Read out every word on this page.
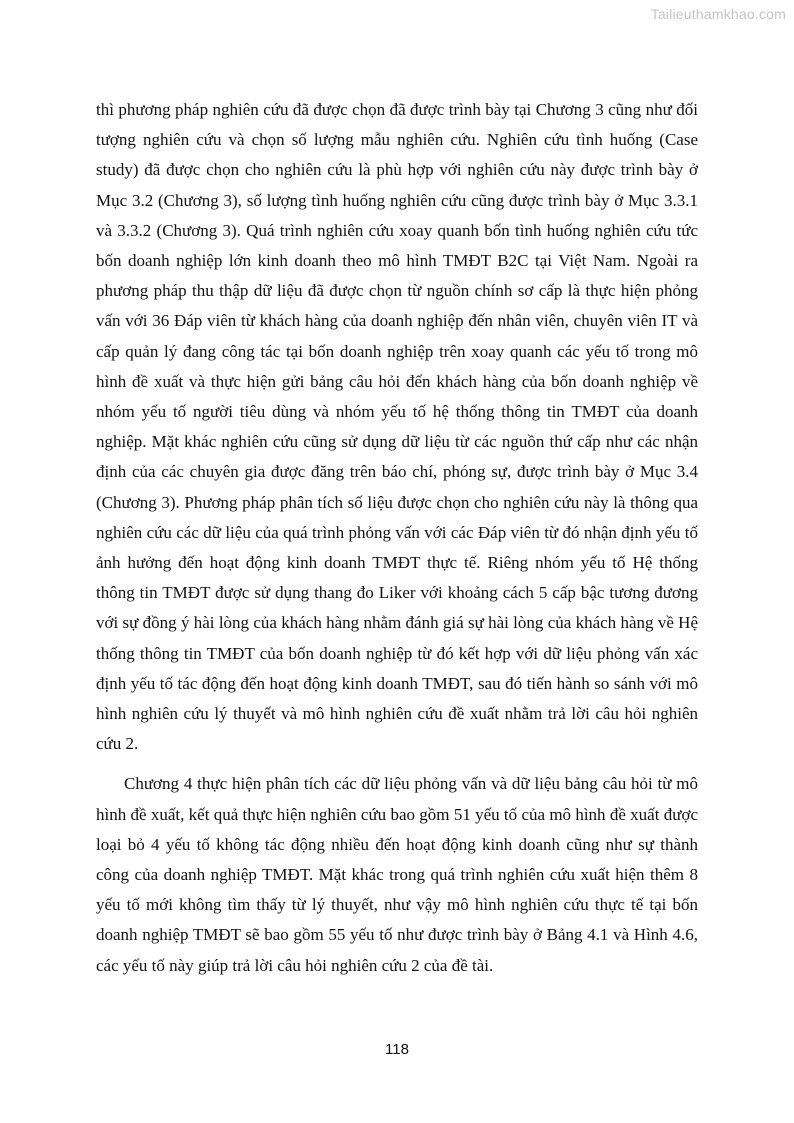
Tailieuthamkhao.com

thì phương pháp nghiên cứu đã được chọn đã được trình bày tại Chương 3 cũng như đối tượng nghiên cứu và chọn số lượng mẫu nghiên cứu. Nghiên cứu tình huống (Case study) đã được chọn cho nghiên cứu là phù hợp với nghiên cứu này được trình bày ở Mục 3.2 (Chương 3), số lượng tình huống nghiên cứu cũng được trình bày ở Mục 3.3.1 và 3.3.2 (Chương 3). Quá trình nghiên cứu xoay quanh bốn tình huống nghiên cứu tức bốn doanh nghiệp lớn kinh doanh theo mô hình TMĐT B2C tại Việt Nam. Ngoài ra phương pháp thu thập dữ liệu đã được chọn từ nguồn chính sơ cấp là thực hiện phỏng vấn với 36 Đáp viên từ khách hàng của doanh nghiệp đến nhân viên, chuyên viên IT và cấp quản lý đang công tác tại bốn doanh nghiệp trên xoay quanh các yếu tố trong mô hình đề xuất và thực hiện gửi bảng câu hỏi đến khách hàng của bốn doanh nghiệp về nhóm yếu tố người tiêu dùng và nhóm yếu tố hệ thống thông tin TMĐT của doanh nghiệp. Mặt khác nghiên cứu cũng sử dụng dữ liệu từ các nguồn thứ cấp như các nhận định của các chuyên gia được đăng trên báo chí, phóng sự, được trình bày ở Mục 3.4 (Chương 3). Phương pháp phân tích số liệu được chọn cho nghiên cứu này là thông qua nghiên cứu các dữ liệu của quá trình phỏng vấn với các Đáp viên từ đó nhận định yếu tố ảnh hưởng đến hoạt động kinh doanh TMĐT thực tế. Riêng nhóm yếu tố Hệ thống thông tin TMĐT được sử dụng thang đo Liker với khoảng cách 5 cấp bậc tương đương với sự đồng ý hài lòng của khách hàng nhằm đánh giá sự hài lòng của khách hàng về Hệ thống thông tin TMĐT của bốn doanh nghiệp từ đó kết hợp với dữ liệu phỏng vấn xác định yếu tố tác động đến hoạt động kinh doanh TMĐT, sau đó tiến hành so sánh với mô hình nghiên cứu lý thuyết và mô hình nghiên cứu đề xuất nhằm trả lời câu hỏi nghiên cứu 2.

Chương 4 thực hiện phân tích các dữ liệu phỏng vấn và dữ liệu bảng câu hỏi từ mô hình đề xuất, kết quả thực hiện nghiên cứu bao gồm 51 yếu tố của mô hình đề xuất được loại bỏ 4 yếu tố không tác động nhiều đến hoạt động kinh doanh cũng như sự thành công của doanh nghiệp TMĐT. Mặt khác trong quá trình nghiên cứu xuất hiện thêm 8 yếu tố mới không tìm thấy từ lý thuyết, như vậy mô hình nghiên cứu thực tế tại bốn doanh nghiệp TMĐT sẽ bao gồm 55 yếu tố như được trình bày ở Bảng 4.1 và Hình 4.6, các yếu tố này giúp trả lời câu hỏi nghiên cứu 2 của đề tài.

118
